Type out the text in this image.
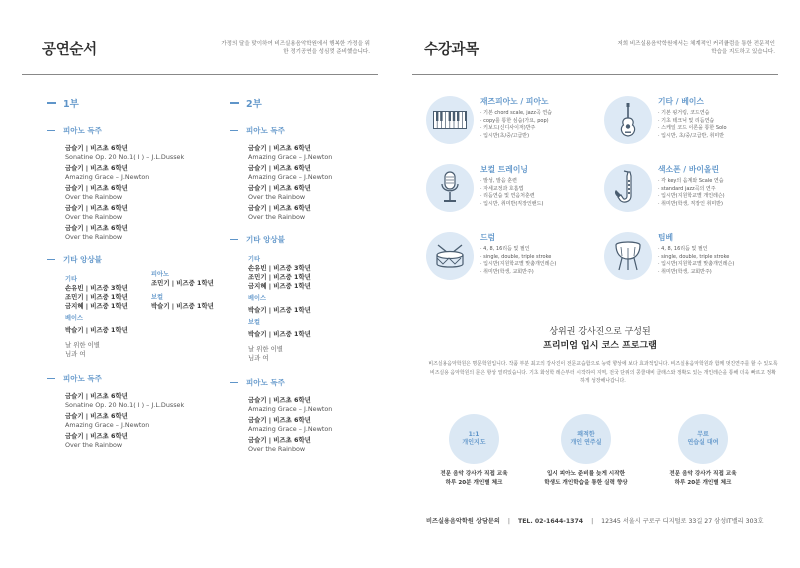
공연순서	가정의 달을 맞이하여 비즈실용음악학원에서 행복한 가정을 위한 정기공연을 성심껏 준비했습니다.
1부
피아노 독주
금슬기 | 비즈초 6학년
Sonatine Op. 20 No.1( I ) – J.L.Dussek
금슬기 | 비즈초 6학년
Amazing Grace – J.Newton
금슬기 | 비즈초 6학년
Over the Rainbow
금슬기 | 비즈초 6학년
Over the Rainbow
금슬기 | 비즈초 6학년
Over the Rainbow
기타 앙상블
기타
손유빈 | 비즈중 3학년
조민기 | 비즈중 1학년
금지혜 | 비즈중 1학년
베이스
박슬기 | 비즈중 1학년
피아노
조민기 | 비즈중 1학년
보컬
박슬기 | 비즈중 1학년
날 위한 이별
님과 여
피아노 독주
금슬기 | 비즈초 6학년
Sonatine Op. 20 No.1( I ) – J.L.Dussek
금슬기 | 비즈초 6학년
Amazing Grace – J.Newton
금슬기 | 비즈초 6학년
Over the Rainbow
2부
피아노 독주
금슬기 | 비즈초 6학년
Amazing Grace – J.Newton
금슬기 | 비즈초 6학년
Amazing Grace – J.Newton
금슬기 | 비즈초 6학년
Over the Rainbow
금슬기 | 비즈초 6학년
Over the Rainbow
기타 앙상블
기타
손유빈 | 비즈중 3학년
조민기 | 비즈중 1학년
금지혜 | 비즈중 1학년
베이스
박슬기 | 비즈중 1학년
보컬
박슬기 | 비즈중 1학년
날 위한 이별
님과 여
피아노 독주
금슬기 | 비즈초 6학년
Amazing Grace – J.Newton
금슬기 | 비즈초 6학년
Amazing Grace – J.Newton
금슬기 | 비즈초 6학년
Over the Rainbow
수강과목	저희 비즈실용음악학원에서는 체계적인 커리큘럼을 통한 전문적인 학습을 지도하고 있습니다.
재즈피아노 / 피아노
· 기본 chord scale, jazz곡 연습
· copy를 통한 심습(가요, pop)
· 키보드(신디사이저)반주
· 입시반(초/중/고급반)
기타 / 베이스
· 기본 핑거링, 코드연습
· 기초 테크닉 및 리듬연습
· 스케일 코드 이론을 통한 Solo
· 입시반, 초/중/고급반, 취미반
보컬 트레이닝
· 발성, 발음 훈련
· 자세교정과 호흡법
· 리듬연습 및 연음처훈련
· 입시반, 취미반(직장인밴드)
색소폰 / 바이올린
· 각 key의 음계와 Scale 연습
· standard jazz곡의 연주
· 입시반(지원학교별 개인레슨)
· 취미반(학생, 직장인 취미반)
드럼
· 4, 8, 16리듬 및 필인
· single, double, triple stroke
· 입시반(지원학교별 맞춤개인레슨)
· 취미반(학생, 교회반주)
팀베
· 4, 8, 16리듬 및 필인
· single, double, triple stroke
· 입시반(지원학교별 맞춤개인레슨)
· 취미반(학생, 교회반주)
상위권 강사진으로 구성된
프리미엄 입시 코스 프로그램
비즈실용음악학원은 명문학원입니다. 작품 부분 최고의 강사진이 전문교습함으로 능력 향상에 보다 효과적입니다. 비즈실용음악학원과 함께 멋진연주를 할 수 있도록 비즈실용 음악학원의 문은 항상 열려있습니다. 기초 화성학 레슨부터 시작하여 지역, 전국 단위의 콩쿨대비 클래스와 정확도 있는 개인레슨을 통해 더욱 빠르고 정확하게 성장해나갑니다.
1:1
개인지도
쾌적한
개인 연주실
무료
연습실 대여
전문 음악 강사가 직접 교육
하루 20분 개인별 체크
입시 피아노 준비를 늦게 시작한
학생도 개인학습을 통한 실력 향상
전문 음악 강사가 직접 교육
하루 20분 개인별 체크
비즈실용음악학원 상담문의 | TEL. 02-1644-1374 | 12345 서울시 구로구 디지털로 33길 27 삼성IT밸리 303호
